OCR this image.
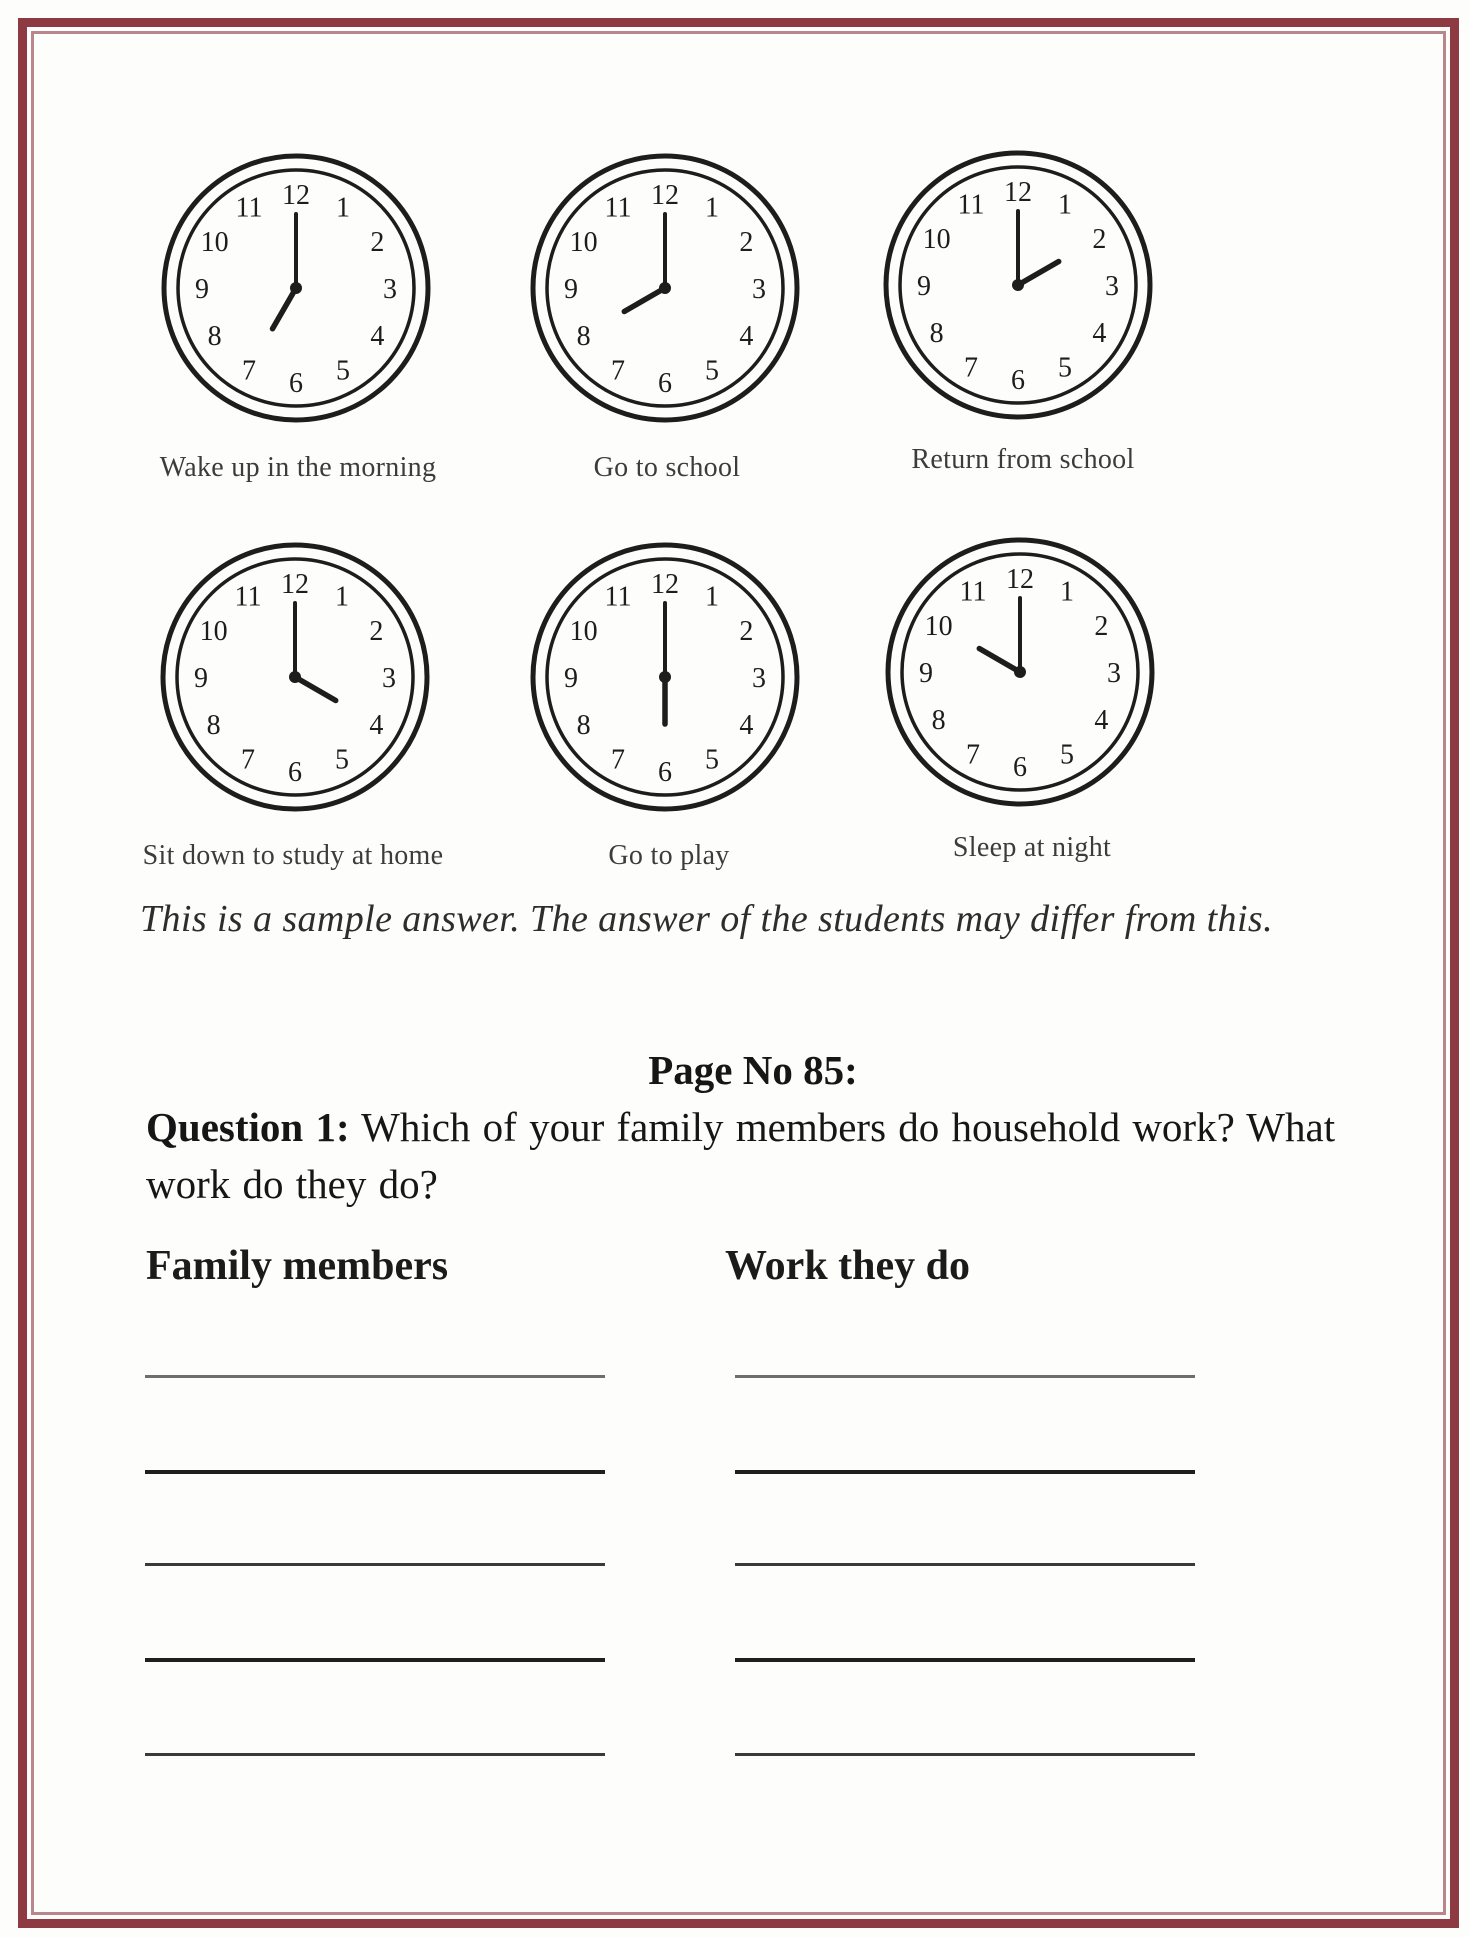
12 1
2
3
4
5
6
7
8
9
10
11	12 1
2
3
4
5
6
7
8
9
10
11
12 1
2
3
4
5
6
7
8
9
10
11
12 1
2
3
4
5
6
7
8
9
10
11	12 1
2
3
4
5
6
7
8
9
10
11
12 1
2
3
4
5
6
7
8
9
10
11
Wake up in the morning	Go to school	Return from school
Sit down to study at home	Go to play	Sleep at night
This is a sample answer. The answer of the students may differ from this.
Page No 85:

Question 1: Which of your family members do household work? What
work do they do?

Family members	Work they do
